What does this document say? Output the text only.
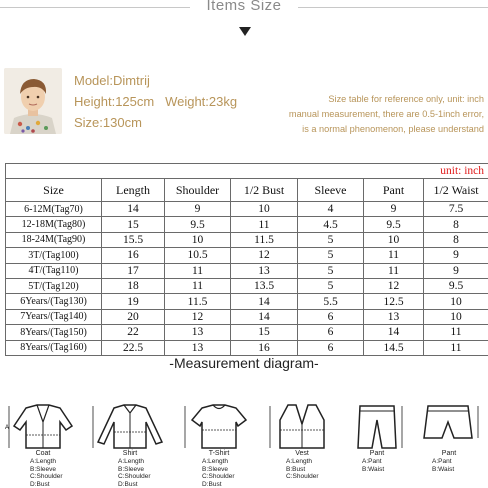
Items Size
Model:Dimtrij
Height:125cm Weight:23kg
Size:130cm
Size table for reference only, unit: inch
manual measurement, there are 0.5-1inch error,
is a normal phenomenon, please understand
						unit: inch
Size	Length	Shoulder	1/2 Bust	Sleeve	Pant	1/2 Waist
6-12M(Tag70)	14	9	10	4	9	7.5
12-18M(Tag80)	15	9.5	11	4.5	9.5	8
18-24M(Tag90)	15.5	10	11.5	5	10	8
3T/(Tag100)	16	10.5	12	5	11	9
4T/(Tag110)	17	11	13	5	11	9
5T/(Tag120)	18	11	13.5	5	12	9.5
6Years/(Tag130)	19	11.5	14	5.5	12.5	10
7Years/(Tag140)	20	12	14	6	13	10
8Years/(Tag150)	22	13	15	6	14	11
8Years/(Tag160)	22.5	13	16	6	14.5	11
-Measurement diagram-
A
Coat
A:Length
B:Sleeve
C:Shoulder
D:Bust
Shirt
A:Length
B:Sleeve
C:Shoulder
D:Bust
T-Shirt
A:Length
B:Sleeve
C:Shoulder
D:Bust
Vest
A:Length
B:Bust
C:Shoulder
Pant
A:Pant
B:Waist
Pant
A:Pant
B:Waist
